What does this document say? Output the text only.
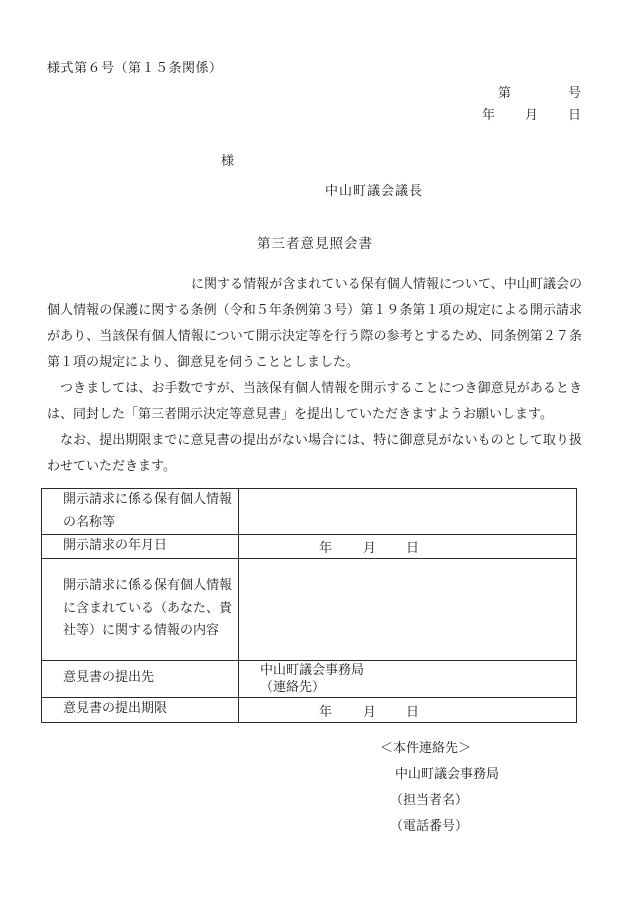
様式第６号（第１５条関係）
第	号
年 月 日
様
中山町議会議長
第三者意見照会書

に関する情報が含まれている保有個人情報について、中山町議会の個人情報の保護に関する条例（令和５年条例第３号）第１９条第１項の規定による開示請求があり、当該保有個人情報について開示決定等を行う際の参考とするため、同条例第２７条第１項の規定により、御意見を伺うこととしました。

つきましては、お手数ですが、当該保有個人情報を開示することにつき御意見があるときは、同封した「第三者開示決定等意見書」を提出していただきますようお願いします。

なお、提出期限までに意見書の提出がない場合には、特に御意見がないものとして取り扱わせていただきます。

開示請求に係る保有個人情報の名称等	
開示請求の年月日	年 月 日

開示請求に係る保有個人情報に含まれている（あなた、貴社等）に関する情報の内容	
意見書の提出先	中山町議会事務局
（連絡先）

意見書の提出期限	年 月 日
＜本件連絡先＞
中山町議会事務局
（担当者名）
（電話番号）
